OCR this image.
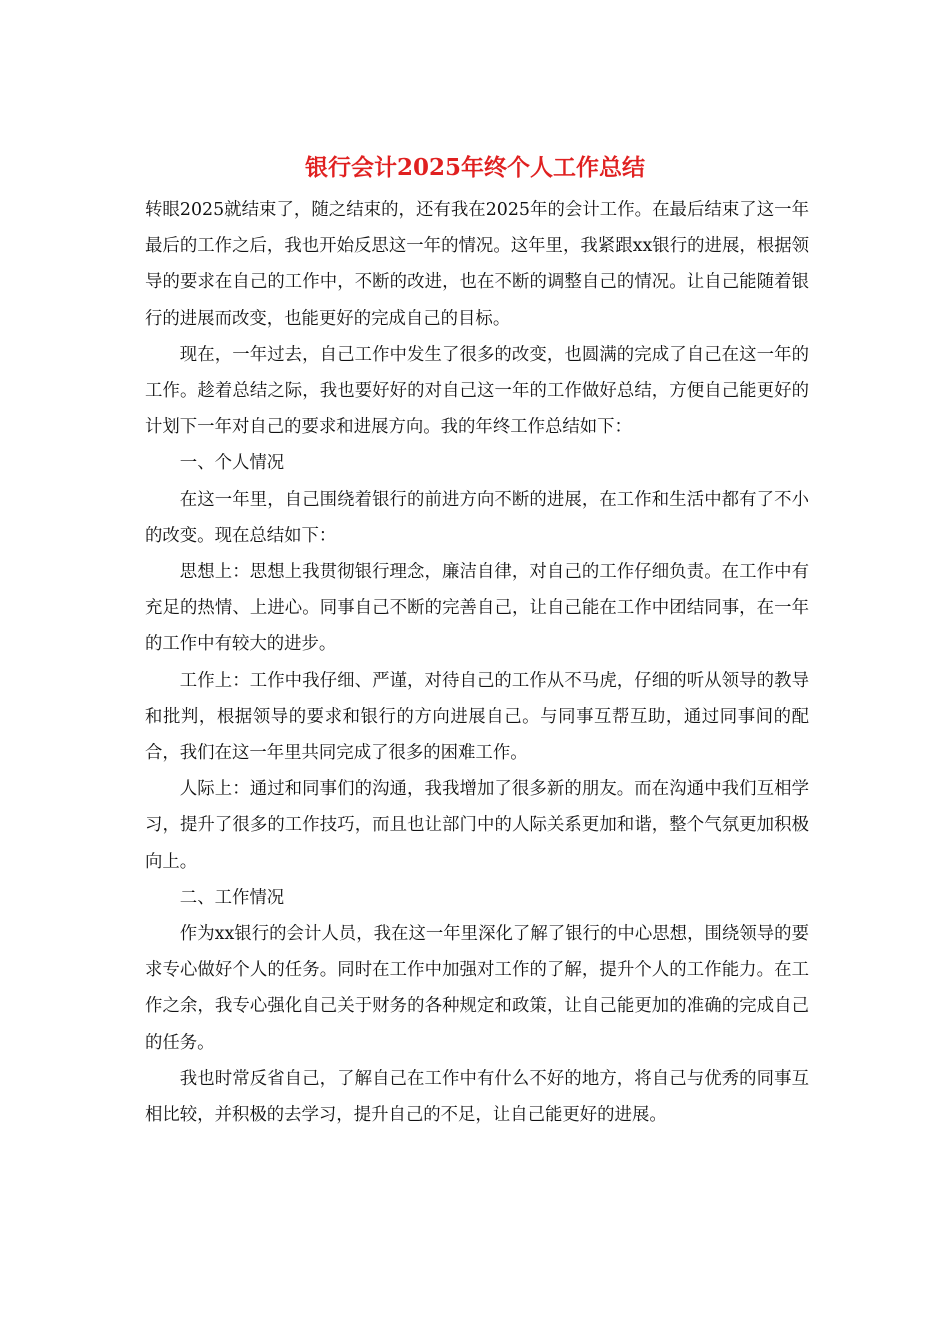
银行会计2025年终个人工作总结

转眼2025就结束了，随之结束的，还有我在2025年的会计工作。在最后结束了这一年最后的工作之后，我也开始反思这一年的情况。这年里，我紧跟xx银行的进展，根据领导的要求在自己的工作中，不断的改进，也在不断的调整自己的情况。让自己能随着银行的进展而改变，也能更好的完成自己的目标。

现在，一年过去，自己工作中发生了很多的改变，也圆满的完成了自己在这一年的工作。趁着总结之际，我也要好好的对自己这一年的工作做好总结，方便自己能更好的计划下一年对自己的要求和进展方向。我的年终工作总结如下：

一、个人情况

在这一年里，自己围绕着银行的前进方向不断的进展，在工作和生活中都有了不小的改变。现在总结如下：

思想上：思想上我贯彻银行理念，廉洁自律，对自己的工作仔细负责。在工作中有充足的热情、上进心。同事自己不断的完善自己，让自己能在工作中团结同事，在一年的工作中有较大的进步。

工作上：工作中我仔细、严谨，对待自己的工作从不马虎，仔细的听从领导的教导和批判，根据领导的要求和银行的方向进展自己。与同事互帮互助，通过同事间的配合，我们在这一年里共同完成了很多的困难工作。

人际上：通过和同事们的沟通，我我增加了很多新的朋友。而在沟通中我们互相学习，提升了很多的工作技巧，而且也让部门中的人际关系更加和谐，整个气氛更加积极向上。

二、工作情况

作为xx银行的会计人员，我在这一年里深化了解了银行的中心思想，围绕领导的要求专心做好个人的任务。同时在工作中加强对工作的了解，提升个人的工作能力。在工作之余，我专心强化自己关于财务的各种规定和政策，让自己能更加的准确的完成自己的任务。

我也时常反省自己，了解自己在工作中有什么不好的地方，将自己与优秀的同事互相比较，并积极的去学习，提升自己的不足，让自己能更好的进展。
